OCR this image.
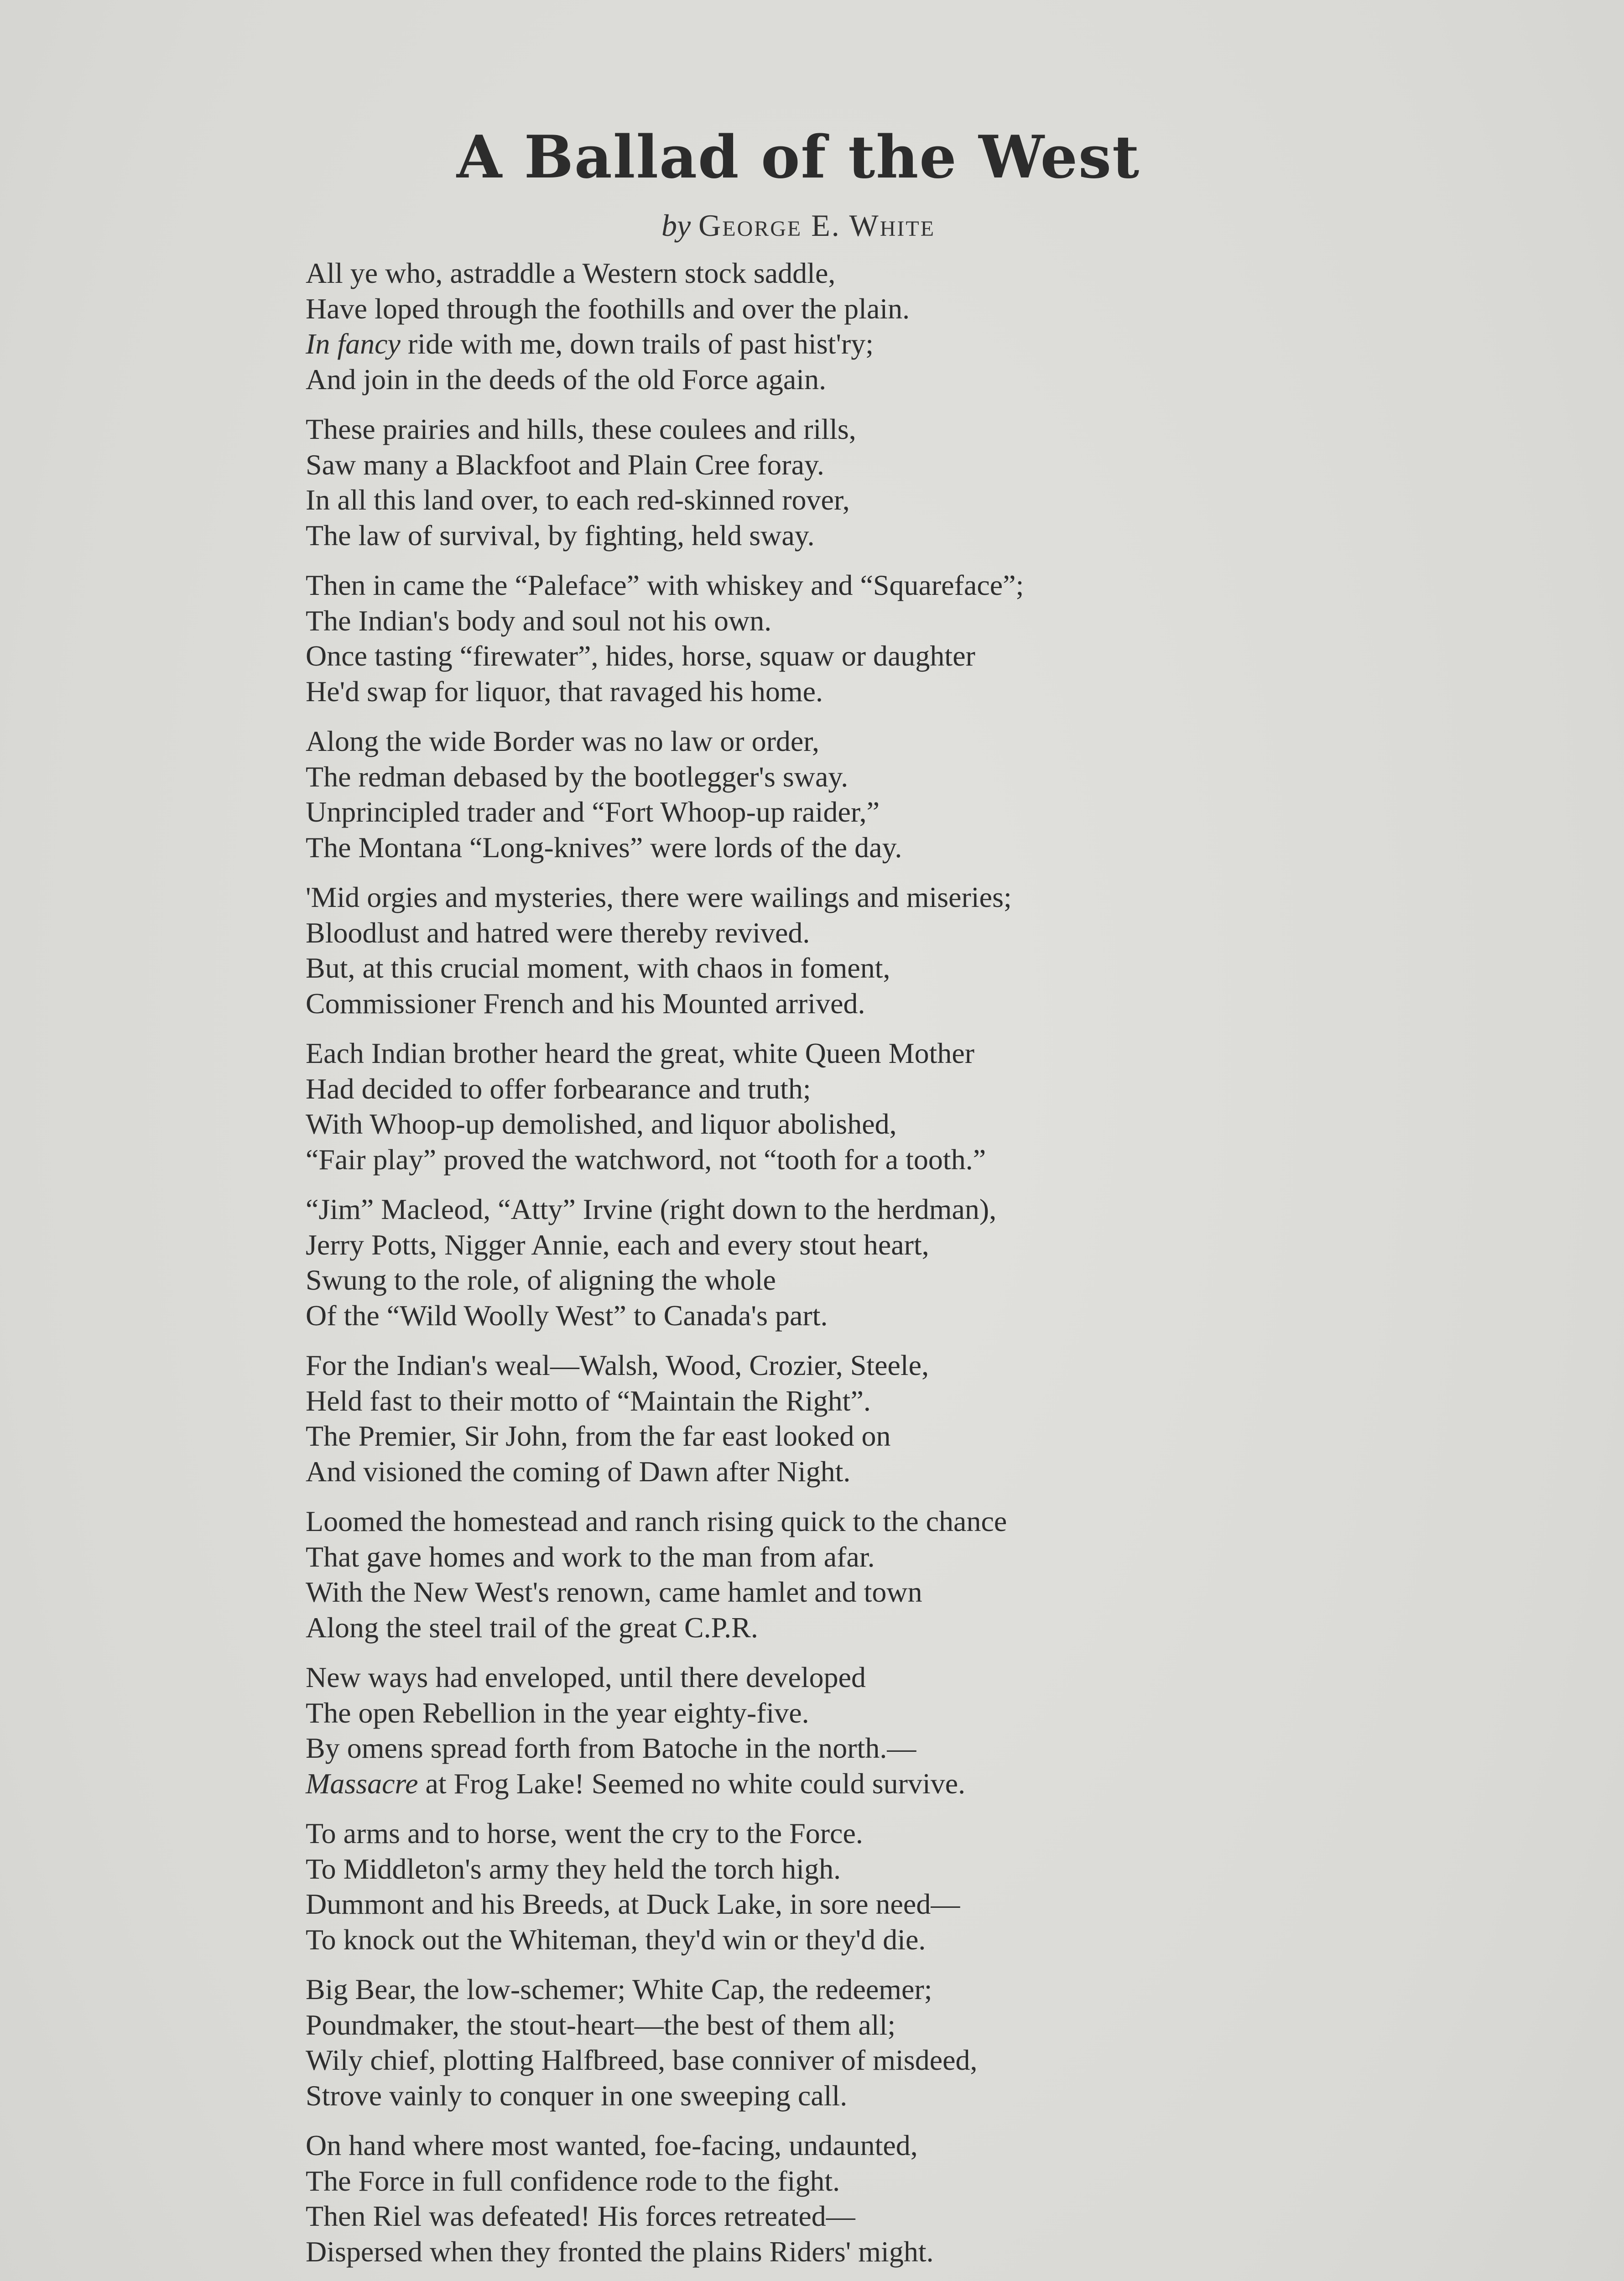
A Ballad of the West

by George E. White

All ye who, astraddle a Western stock saddle,
Have loped through the foothills and over the plain.
In fancy ride with me, down trails of past hist'ry;
And join in the deeds of the old Force again.
These prairies and hills, these coulees and rills,
Saw many a Blackfoot and Plain Cree foray.
In all this land over, to each red-skinned rover,
The law of survival, by fighting, held sway.
Then in came the “Paleface” with whiskey and “Squareface”;
The Indian's body and soul not his own.
Once tasting “firewater”, hides, horse, squaw or daughter
He'd swap for liquor, that ravaged his home.
Along the wide Border was no law or order,
The redman debased by the bootlegger's sway.
Unprincipled trader and “Fort Whoop-up raider,”
The Montana “Long-knives” were lords of the day.
'Mid orgies and mysteries, there were wailings and miseries;
Bloodlust and hatred were thereby revived.
But, at this crucial moment, with chaos in foment,
Commissioner French and his Mounted arrived.
Each Indian brother heard the great, white Queen Mother
Had decided to offer forbearance and truth;
With Whoop-up demolished, and liquor abolished,
“Fair play” proved the watchword, not “tooth for a tooth.”
“Jim” Macleod, “Atty” Irvine (right down to the herdman),
Jerry Potts, Nigger Annie, each and every stout heart,
Swung to the role, of aligning the whole
Of the “Wild Woolly West” to Canada's part.
For the Indian's weal—Walsh, Wood, Crozier, Steele,
Held fast to their motto of “Maintain the Right”.
The Premier, Sir John, from the far east looked on
And visioned the coming of Dawn after Night.
Loomed the homestead and ranch rising quick to the chance
That gave homes and work to the man from afar.
With the New West's renown, came hamlet and town
Along the steel trail of the great C.P.R.
New ways had enveloped, until there developed
The open Rebellion in the year eighty-five.
By omens spread forth from Batoche in the north.—
Massacre at Frog Lake! Seemed no white could survive.
To arms and to horse, went the cry to the Force.
To Middleton's army they held the torch high.
Dummont and his Breeds, at Duck Lake, in sore need—
To knock out the Whiteman, they'd win or they'd die.
Big Bear, the low-schemer; White Cap, the redeemer;
Poundmaker, the stout-heart—the best of them all;
Wily chief, plotting Halfbreed, base conniver of misdeed,
Strove vainly to conquer in one sweeping call.
On hand where most wanted, foe-facing, undaunted,
The Force in full confidence rode to the fight.
Then Riel was defeated! His forces retreated—
Dispersed when they fronted the plains Riders' might.
